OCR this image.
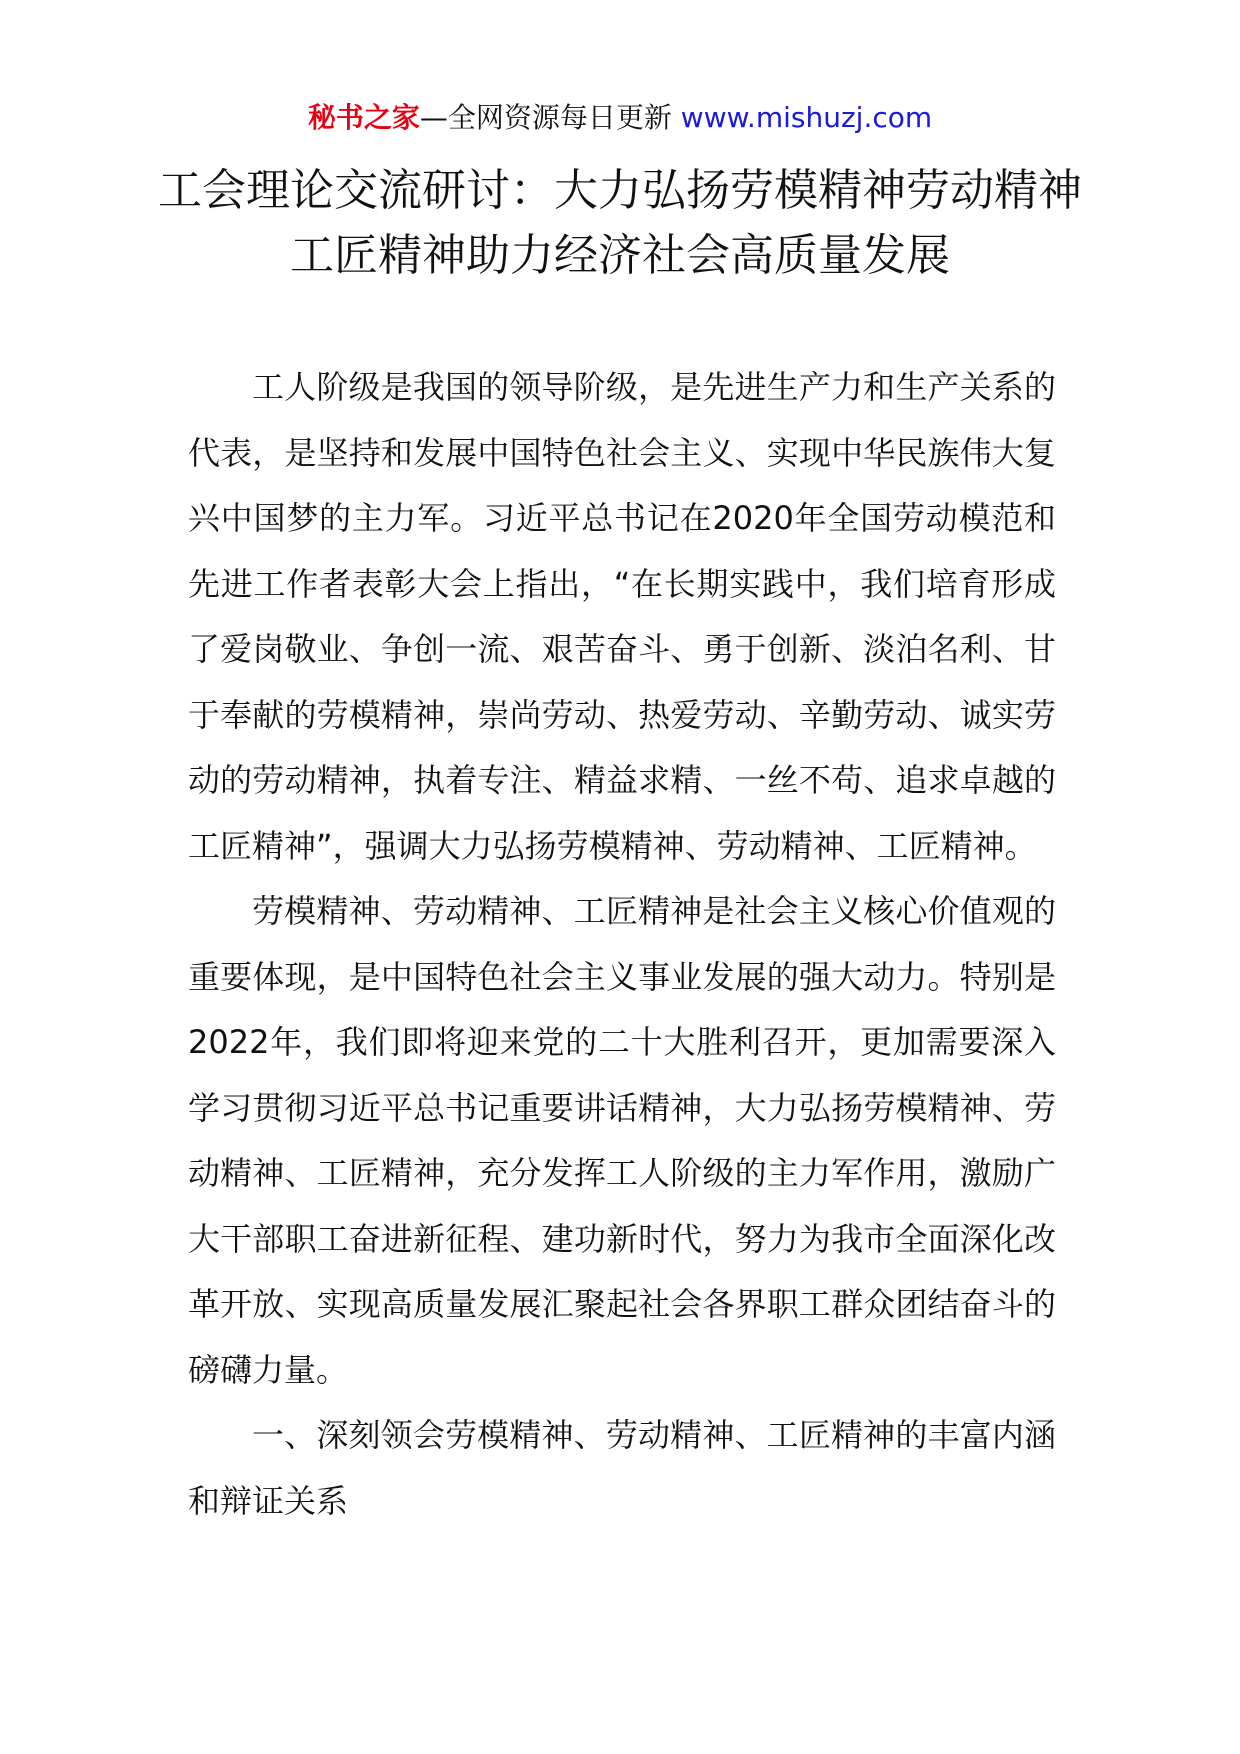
秘书之家—全网资源每日更新 www.mishuzj.com
工会理论交流研讨：大力弘扬劳模精神劳动精神工匠精神助力经济社会高质量发展

工人阶级是我国的领导阶级，是先进生产力和生产关系的代表，是坚持和发展中国特色社会主义、实现中华民族伟大复兴中国梦的主力军。习近平总书记在2020年全国劳动模范和先进工作者表彰大会上指出，“在长期实践中，我们培育形成了爱岗敬业、争创一流、艰苦奋斗、勇于创新、淡泊名利、甘于奉献的劳模精神，崇尚劳动、热爱劳动、辛勤劳动、诚实劳动的劳动精神，执着专注、精益求精、一丝不苟、追求卓越的工匠精神”，强调大力弘扬劳模精神、劳动精神、工匠精神。

劳模精神、劳动精神、工匠精神是社会主义核心价值观的重要体现，是中国特色社会主义事业发展的强大动力。特别是2022年，我们即将迎来党的二十大胜利召开，更加需要深入学习贯彻习近平总书记重要讲话精神，大力弘扬劳模精神、劳动精神、工匠精神，充分发挥工人阶级的主力军作用，激励广大干部职工奋进新征程、建功新时代，努力为我市全面深化改革开放、实现高质量发展汇聚起社会各界职工群众团结奋斗的磅礴力量。

一、深刻领会劳模精神、劳动精神、工匠精神的丰富内涵和辩证关系
